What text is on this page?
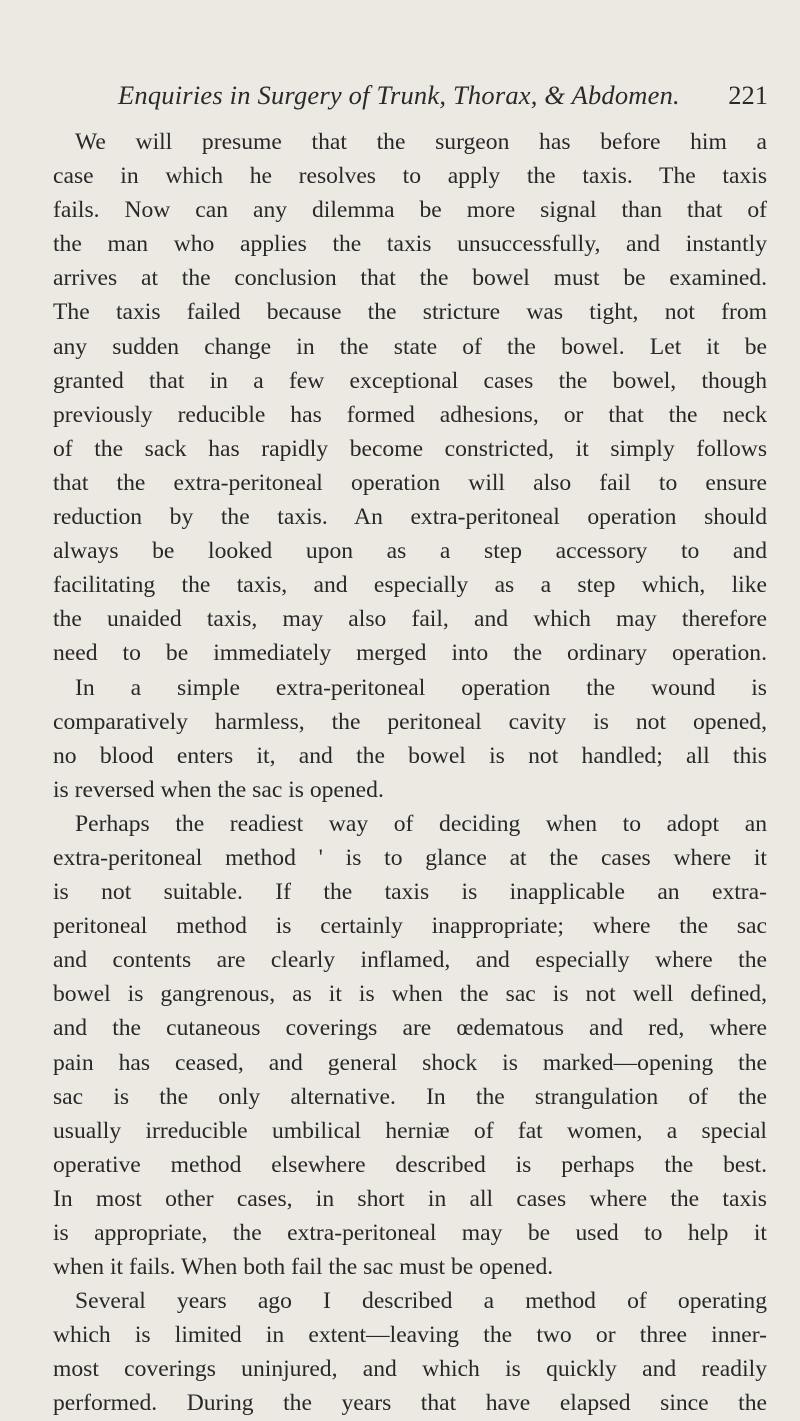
Enquiries in Surgery of Trunk, Thorax, & Abdomen. 221
We will presume that the surgeon has before him a
case in which he resolves to apply the taxis. The taxis
fails. Now can any dilemma be more signal than that of
the man who applies the taxis unsuccessfully, and instantly
arrives at the conclusion that the bowel must be examined.
The taxis failed because the stricture was tight, not from
any sudden change in the state of the bowel. Let it be
granted that in a few exceptional cases the bowel, though
previously reducible has formed adhesions, or that the neck
of the sack has rapidly become constricted, it simply follows
that the extra-peritoneal operation will also fail to ensure
reduction by the taxis. An extra-peritoneal operation should
always be looked upon as a step accessory to and
facilitating the taxis, and especially as a step which, like
the unaided taxis, may also fail, and which may therefore
need to be immediately merged into the ordinary operation.
In a simple extra-peritoneal operation the wound is
comparatively harmless, the peritoneal cavity is not opened,
no blood enters it, and the bowel is not handled; all this
is reversed when the sac is opened.
Perhaps the readiest way of deciding when to adopt an
extra-peritoneal method ' is to glance at the cases where it
is not suitable. If the taxis is inapplicable an extra-
peritoneal method is certainly inappropriate; where the sac
and contents are clearly inflamed, and especially where the
bowel is gangrenous, as it is when the sac is not well defined,
and the cutaneous coverings are œdematous and red, where
pain has ceased, and general shock is marked—opening the
sac is the only alternative. In the strangulation of the
usually irreducible umbilical herniæ of fat women, a special
operative method elsewhere described is perhaps the best.
In most other cases, in short in all cases where the taxis
is appropriate, the extra-peritoneal may be used to help it
when it fails. When both fail the sac must be opened.
Several years ago I described a method of operating
which is limited in extent—leaving the two or three inner-
most coverings uninjured, and which is quickly and readily
performed. During the years that have elapsed since the
